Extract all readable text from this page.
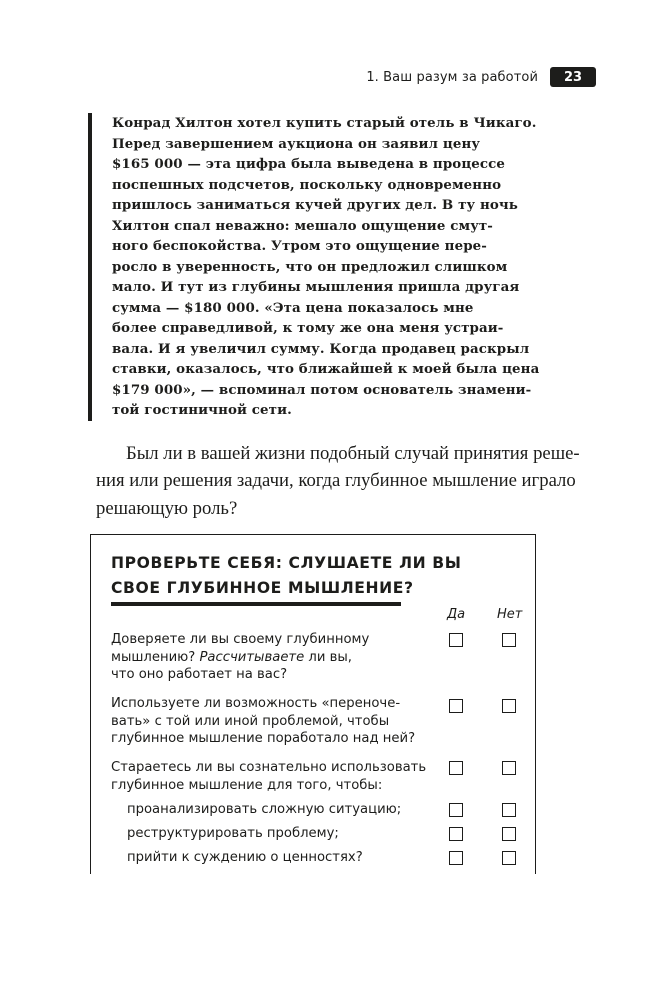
1. Ваш разум за работой	23
Конрад Хилтон хотел купить старый отель в Чикаго.
Перед завершением аукциона он заявил цену
$165 000 — эта цифра была выведена в процессе
поспешных подсчетов, поскольку одновременно
пришлось заниматься кучей других дел. В ту ночь
Хилтон спал неважно: мешало ощущение смут-
ного беспокойства. Утром это ощущение пере-
росло в уверенность, что он предложил слишком
мало. И тут из глубины мышления пришла другая
сумма — $180 000. «Эта цена показалось мне
более справедливой, к тому же она меня устраи-
вала. И я увеличил сумму. Когда продавец раскрыл
ставки, оказалось, что ближайшей к моей была цена
$179 000», — вспоминал потом основатель знамени-
той гостиничной сети.
Был ли в вашей жизни подобный случай принятия реше-
ния или решения задачи, когда глубинное мышление играло
решающую роль?
ПРОВЕРЬТЕ СЕБЯ: СЛУШАЕТЕ ЛИ ВЫ
СВОЕ ГЛУБИННОЕ МЫШЛЕНИЕ?
Да Нет
Доверяете ли вы своему глубинному
мышлению? Рассчитываете ли вы,
что оно работает на вас?
Используете ли возможность «переноче-
вать» с той или иной проблемой, чтобы
глубинное мышление поработало над ней?
Стараетесь ли вы сознательно использовать
глубинное мышление для того, чтобы:
проанализировать сложную ситуацию;
реструктурировать проблему;
прийти к суждению о ценностях?
